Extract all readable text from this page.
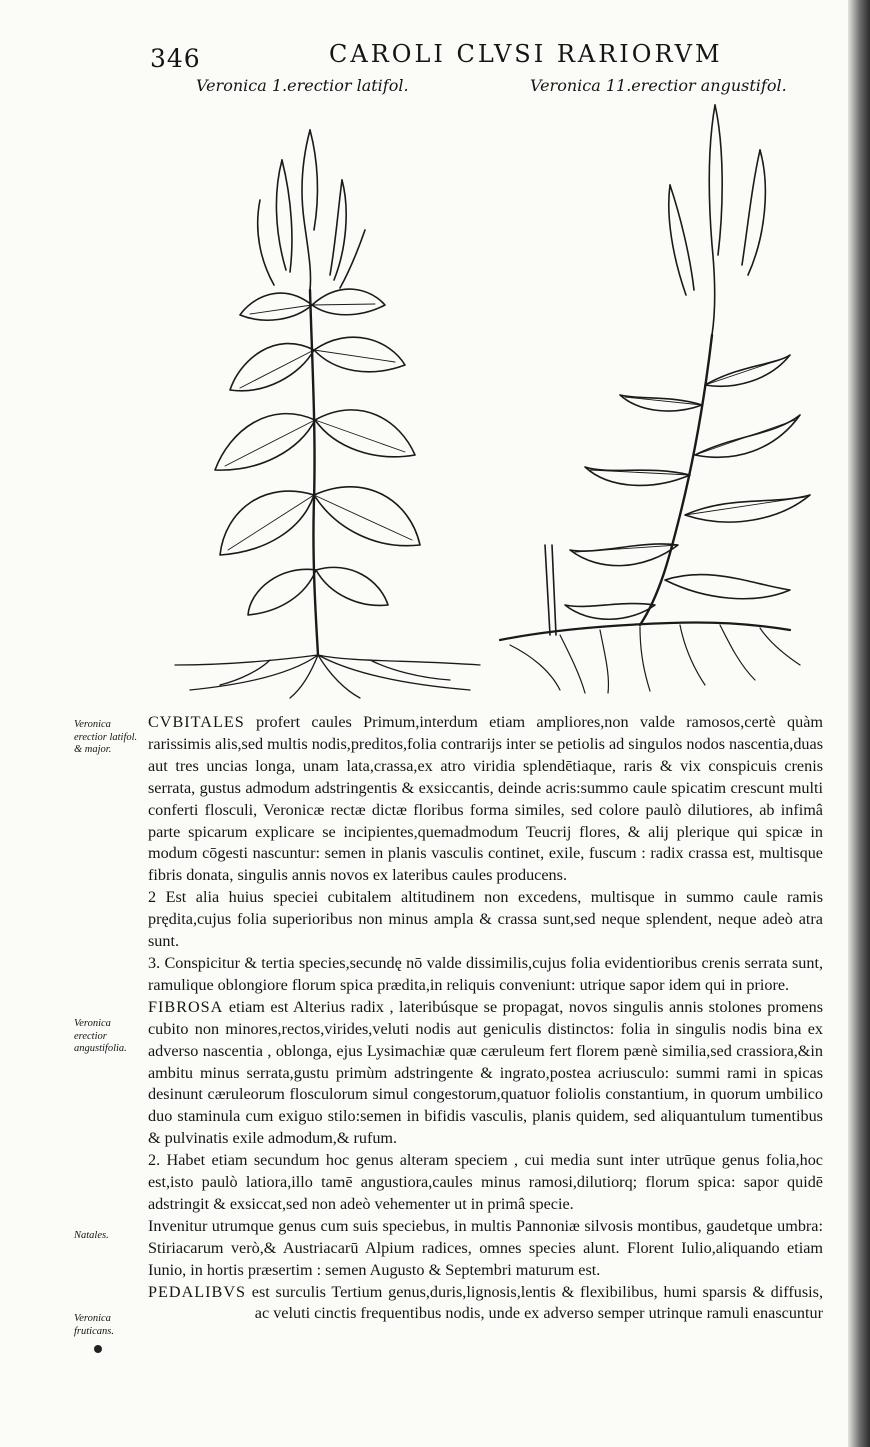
346	CAROLI CLVSI RARIORVM
Veronica 1.erectior latifol.	Veronica 11.erectior angustifol.
Veronica erectior latifol. & major.
Veronica erectior angustifolia.
Natales.
Veronica fruticans.

CVBITALES profert caules Primum,interdum etiam ampliores,non valde ramosos,certè quàm rarissimis alis,sed multis nodis,preditos,folia contrarijs inter se petiolis ad singulos nodos nascentia,duas aut tres uncias longa, unam lata,crassa,ex atro viridia splendētiaque, raris & vix conspicuis crenis serrata, gustus admodum adstringentis & exsiccantis, deinde acris:summo caule spicatim crescunt multi conferti flosculi, Veronicæ rectæ dictæ floribus forma similes, sed colore paulò dilutiores, ab infimâ parte spicarum explicare se incipientes,quemadmodum Teucrij flores, & alij plerique qui spicæ in modum cōgesti nascuntur: semen in planis vasculis continet, exile, fuscum : radix crassa est, multisque fibris donata, singulis annis novos ex lateribus caules producens.

2 Est alia huius speciei cubitalem altitudinem non excedens, multisque in summo caule ramis prędita,cujus folia superioribus non minus ampla & crassa sunt,sed neque splendent, neque adeò atra sunt.

3. Conspicitur & tertia species,secundę nō valde dissimilis,cujus folia evidentioribus crenis serrata sunt, ramulique oblongiore florum spica prædita,in reliquis conveniunt: utrique sapor idem qui in priore.

FIBROSA etiam est Alterius radix , lateribúsque se propagat, novos singulis annis stolones promens cubito non minores,rectos,virides,veluti nodis aut geniculis distinctos: folia in singulis nodis bina ex adverso nascentia , oblonga, ejus Lysimachiæ quæ cæruleum fert florem pænè similia,sed crassiora,&in ambitu minus serrata,gustu primùm adstringente & ingrato,postea acriusculo: summi rami in spicas desinunt cæruleorum flosculorum simul congestorum,quatuor foliolis constantium, in quorum umbilico duo staminula cum exiguo stilo:semen in bifidis vasculis, planis quidem, sed aliquantulum tumentibus & pulvinatis exile admodum,& rufum.

2. Habet etiam secundum hoc genus alteram speciem , cui media sunt inter utrūque genus folia,hoc est,isto paulò latiora,illo tamē angustiora,caules minus ramosi,dilutiorq; florum spica: sapor quidē adstringit & exsiccat,sed non adeò vehementer ut in primâ specie.

Invenitur utrumque genus cum suis speciebus, in multis Pannoniæ silvosis montibus, gaudetque umbra: Stiriacarum verò,& Austriacarū Alpium radices, omnes species alunt. Florent Iulio,aliquando etiam Iunio, in hortis præsertim : semen Augusto & Septembri maturum est.

PEDALIBVS est surculis Tertium genus,duris,lignosis,lentis & flexibilibus, humi sparsis & diffusis, ac veluti cinctis frequentibus nodis, unde ex adverso semper utrinque ramuli enascuntur
